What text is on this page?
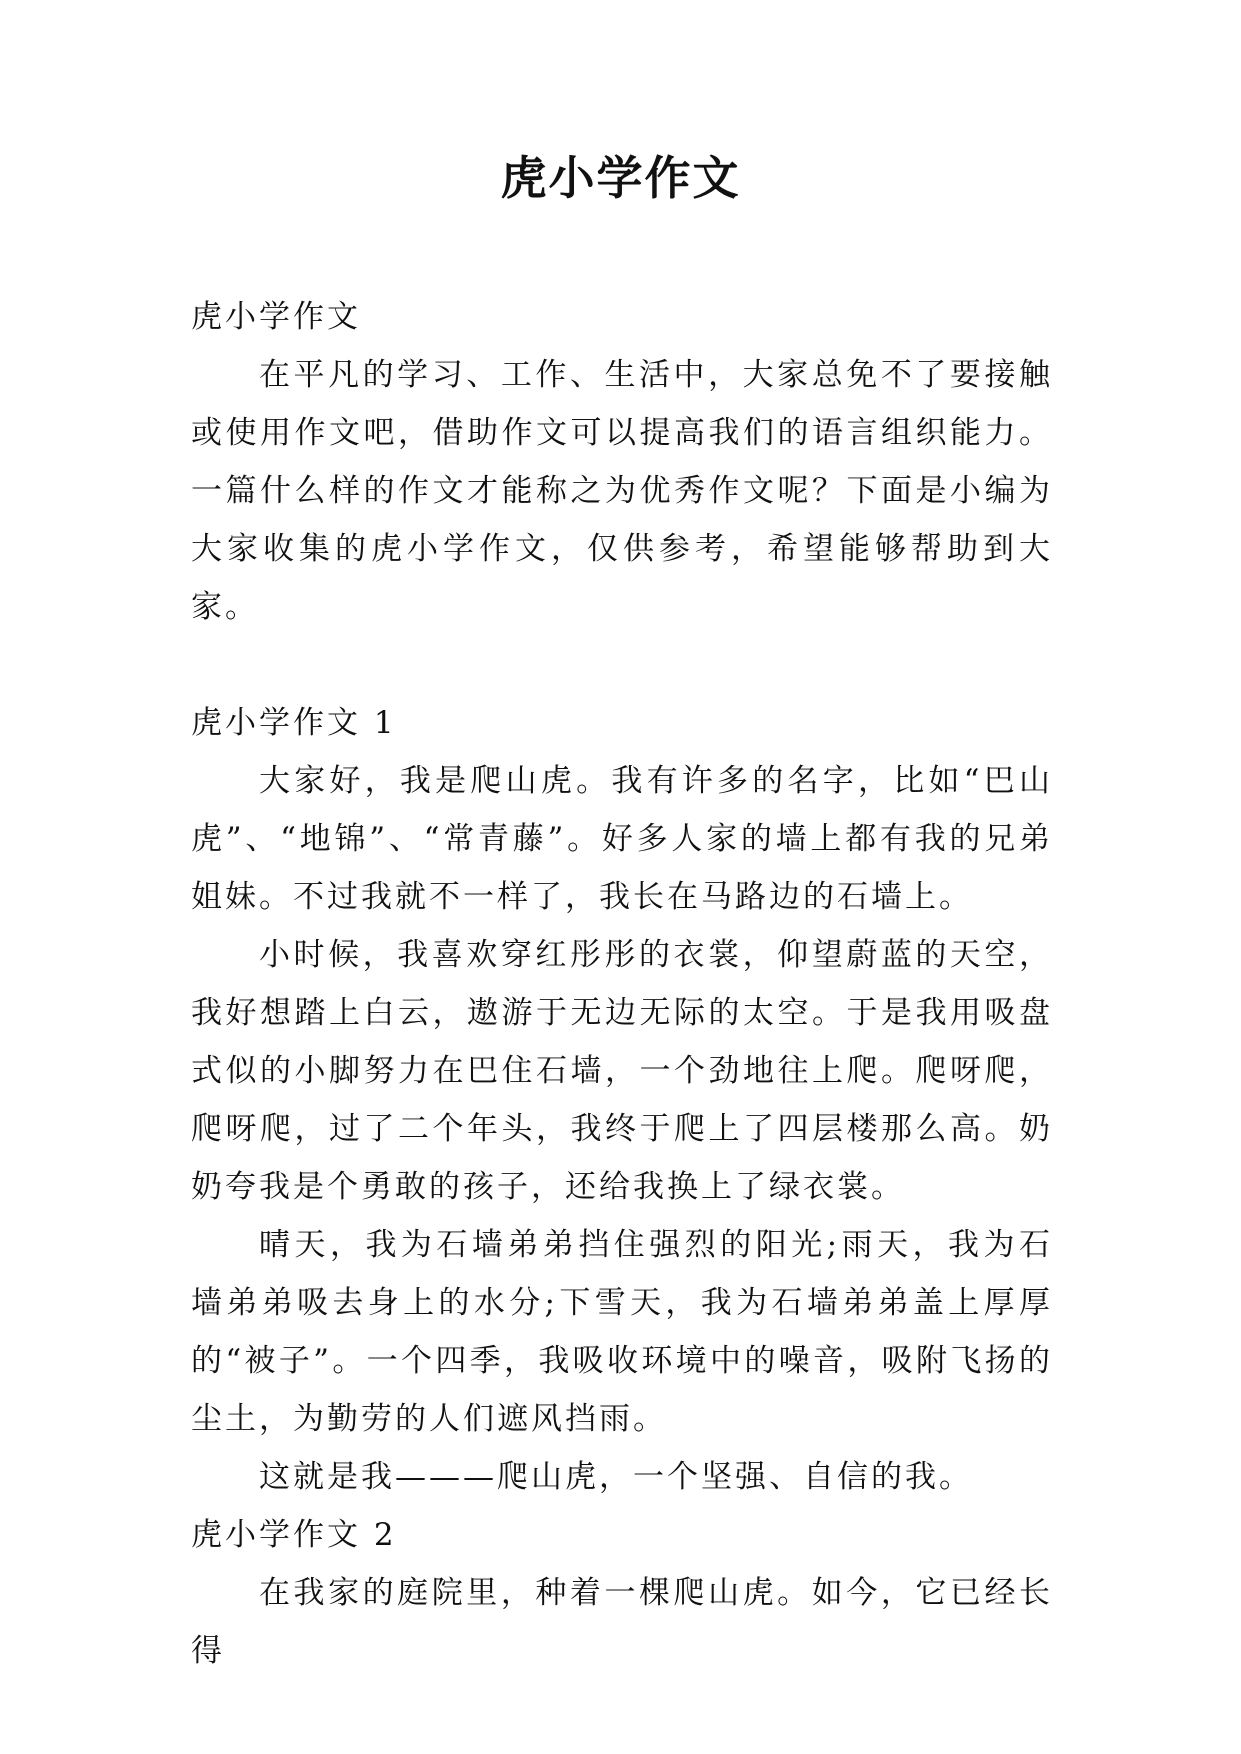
虎小学作文

虎小学作文

在平凡的学习、工作、生活中，大家总免不了要接触或使用作文吧，借助作文可以提高我们的语言组织能力。一篇什么样的作文才能称之为优秀作文呢？下面是小编为大家收集的虎小学作文，仅供参考，希望能够帮助到大家。

虎小学作文 1

大家好，我是爬山虎。我有许多的名字，比如“巴山虎”、“地锦”、“常青藤”。好多人家的墙上都有我的兄弟姐妹。不过我就不一样了，我长在马路边的石墙上。

小时候，我喜欢穿红彤彤的衣裳，仰望蔚蓝的天空，我好想踏上白云，遨游于无边无际的太空。于是我用吸盘式似的小脚努力在巴住石墙，一个劲地往上爬。爬呀爬，爬呀爬，过了二个年头，我终于爬上了四层楼那么高。奶奶夸我是个勇敢的孩子，还给我换上了绿衣裳。

晴天，我为石墙弟弟挡住强烈的阳光;雨天，我为石墙弟弟吸去身上的水分;下雪天，我为石墙弟弟盖上厚厚的“被子”。一个四季，我吸收环境中的噪音，吸附飞扬的尘土，为勤劳的人们遮风挡雨。

这就是我———爬山虎，一个坚强、自信的我。

虎小学作文 2

在我家的庭院里，种着一棵爬山虎。如今，它已经长得
